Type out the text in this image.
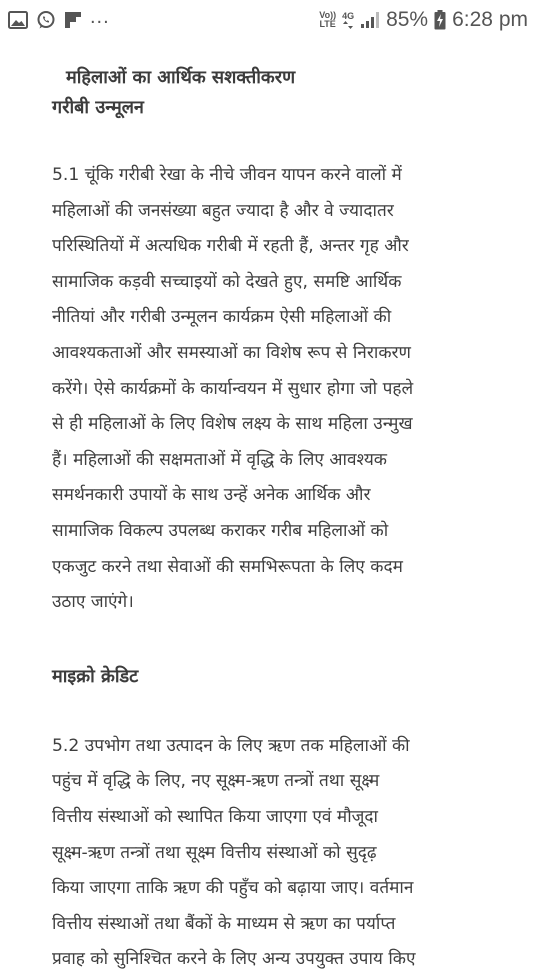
...	Vo))
LTE
4G 85% 6:28 pm
महिलाओं का आर्थिक सशक्तीकरण
गरीबी उन्मूलन

5.1 चूंकि गरीबी रेखा के नीचे जीवन यापन करने वालों में
महिलाओं की जनसंख्या बहुत ज्यादा है और वे ज्यादातर
परिस्थितियों में अत्यधिक गरीबी में रहती हैं, अन्तर गृह और
सामाजिक कड़वी सच्चाइयों को देखते हुए, समष्टि आर्थिक
नीतियां और गरीबी उन्मूलन कार्यक्रम ऐसी महिलाओं की
आवश्यकताओं और समस्याओं का विशेष रूप से निराकरण
करेंगे। ऐसे कार्यक्रमों के कार्यान्वयन में सुधार होगा जो पहले
से ही महिलाओं के लिए विशेष लक्ष्य के साथ महिला उन्मुख
हैं। महिलाओं की सक्षमताओं में वृद्धि के लिए आवश्यक
समर्थनकारी उपायों के साथ उन्हें अनेक आर्थिक और
सामाजिक विकल्प उपलब्ध कराकर गरीब महिलाओं को
एकजुट करने तथा सेवाओं की समभिरूपता के लिए कदम
उठाए जाएंगे।

माइक्रो क्रेडिट

5.2 उपभोग तथा उत्पादन के लिए ऋण तक महिलाओं की
पहुंच में वृद्धि के लिए, नए सूक्ष्म-ऋण तन्त्रों तथा सूक्ष्म
वित्तीय संस्थाओं को स्थापित किया जाएगा एवं मौजूदा
सूक्ष्म-ऋण तन्त्रों तथा सूक्ष्म वित्तीय संस्थाओं को सुदृढ़
किया जाएगा ताकि ऋण की पहुँच को बढ़ाया जाए। वर्तमान
वित्तीय संस्थाओं तथा बैंकों के माध्यम से ऋण का पर्याप्त
प्रवाह को सुनिश्चित करने के लिए अन्य उपयुक्त उपाय किए
